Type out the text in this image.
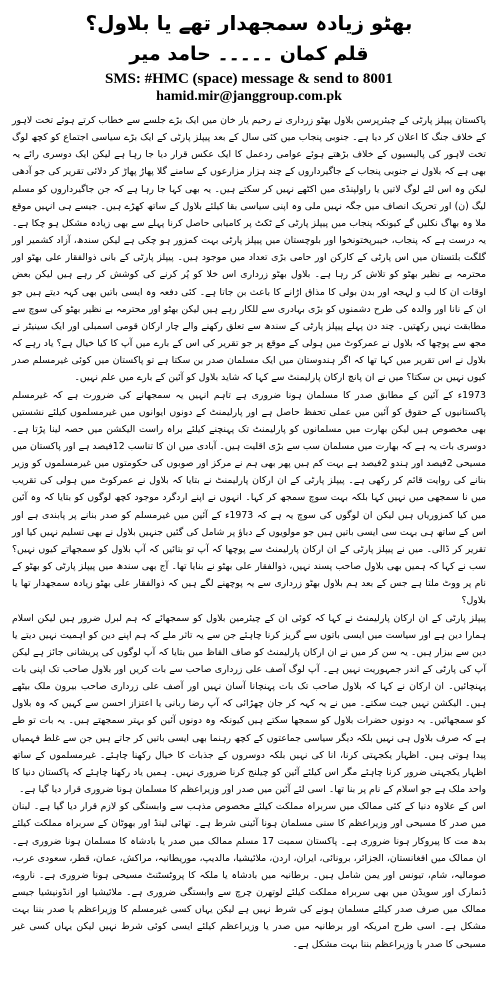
بھٹو زیادہ سمجھدار تھے یا بلاول؟
قلم کمان ۔۔۔۔۔ حامد میر
SMS: #HMC (space) message & send to 8001
hamid.mir@janggroup.com.pk

پاکستان پیپلز پارٹی کے چیئرپرسن بلاول بھٹو زرداری نے رحیم یار خان میں ایک بڑے جلسے سے خطاب کرتے ہوئے تخت لاہور کے خلاف جنگ کا اعلان کر دیا ہے۔ جنوبی پنجاب میں کئی سال کے بعد پیپلز پارٹی کے ایک بڑے سیاسی اجتماع کو کچھ لوگ تخت لاہور کی پالیسیوں کے خلاف بڑھتے ہوئے عوامی ردعمل کا ایک عکس قرار دیا جا رہا ہے لیکن ایک دوسری رائے یہ بھی ہے کہ بلاول نے جنوبی پنجاب کے جاگیرداروں کے چند ہزار مزارعوں کے سامنے گلا پھاڑ پھاڑ کر دلائی تقریر کی جو آدھی لیکن وہ اس لئے لوگ لاتیں یا راولپنڈی میں اکٹھے نہیں کر سکتے ہیں۔ یہ بھی کہا جا رہا ہے کہ جن جاگیرداروں کو مسلم لیگ (ن) اور تحریک انصاف میں جگہ نہیں ملی وہ اپنی سیاسی بقا کیلئے بلاول کے ساتھ کھڑے ہیں۔ جیسے ہی انہیں موقع ملا وہ بھاگ نکلیں گے کیونکہ پنجاب میں پیپلز پارٹی کے ٹکٹ پر کامیابی حاصل کرنا پہلے سے بھی زیادہ مشکل ہو چکا ہے۔ یہ درست ہے کہ پنجاب، خیبرپختونخوا اور بلوچستان میں پیپلز پارٹی بہت کمزور ہو چکی ہے لیکن سندھ، آزاد کشمیر اور گلگت بلتستان میں اس پارٹی کے کارکن اور حامی بڑی تعداد میں موجود ہیں۔ پیپلز پارٹی کے بانی ذوالفقار علی بھٹو اور محترمہ بے نظیر بھٹو کو تلاش کر رہا ہے۔ بلاول بھٹو زرداری اس خلا کو پُر کرنے کی کوشش کر رہے ہیں لیکن بعض اوقات ان کا لب و لہجہ اور بدن بولی کا مذاق اڑانے کا باعث بن جاتا ہے۔ کئی دفعہ وہ ایسی باتیں بھی کہہ دیتے ہیں جو ان کے نانا اور والدہ کی طرح دشمنوں کو بڑی بہادری سے للکار رہے ہیں لیکن بھٹو اور محترمہ بے نظیر بھٹو کی سوچ سے مطابقت نہیں رکھتیں۔ چند دن پہلے پیپلز پارٹی کے سندھ سے تعلق رکھنے والے چار ارکان قومی اسمبلی اور ایک سینیٹر نے مجھ سے پوچھا کہ بلاول نے عمرکوٹ میں ہولی کے موقع پر جو تقریر کی اس کے بارے میں آپ کا کیا خیال ہے؟ یاد رہے کہ بلاول نے اس تقریر میں کہا تھا کہ اگر ہندوستان میں ایک مسلمان صدر بن سکتا ہے تو پاکستان میں کوئی غیرمسلم صدر کیوں نہیں بن سکتا؟ میں نے ان پانچ ارکان پارلیمنٹ سے کہا کہ شاید بلاول کو آئین کے بارے میں علم نہیں۔

1973ء کے آئین کے مطابق صدر کا مسلمان ہونا ضروری ہے تاہم انہیں یہ سمجھانے کی ضرورت ہے کہ غیرمسلم پاکستانیوں کے حقوق کو آئین میں عملی تحفظ حاصل ہے اور پارلیمنٹ کے دونوں ایوانوں میں غیرمسلموں کیلئے نشستیں بھی مخصوص ہیں لیکن بھارت میں مسلمانوں کو پارلیمنٹ تک پہنچنے کیلئے براہ راست الیکشن میں حصہ لینا پڑتا ہے۔ دوسری بات یہ ہے کہ بھارت میں مسلمان سب سے بڑی اقلیت ہیں۔ آبادی میں ان کا تناسب 12فیصد ہے اور پاکستان میں مسیحی 2فیصد اور ہندو 2فیصد ہے بہت کم ہیں پھر بھی ہم نے مرکز اور صوبوں کی حکومتوں میں غیرمسلموں کو وزیر بنانے کی روایت قائم کر رکھی ہے۔ پیپلز پارٹی کے ان ارکان پارلیمنٹ نے بتایا کہ بلاول نے عمرکوٹ میں ہولی کی تقریب میں نا سمجھی میں نہیں کہا بلکہ بہت سوچ سمجھ کر کہا۔ انہوں نے اپنے اردگرد موجود کچھ لوگوں کو بتایا کہ وہ آئین میں کیا کمزوریاں ہیں لیکن ان لوگوں کی سوچ یہ ہے کہ 1973ء کے آئین میں غیرمسلم کو صدر بنانے پر پابندی ہے اور اس کے ساتھ ہی بہت سی ایسی باتیں ہیں جو مولویوں کے دباؤ پر شامل کی گئیں جنہیں بلاول نے بھی تسلیم نہیں کیا اور تقریر کر ڈالی۔ میں نے پیپلز پارٹی کے ان ارکان پارلیمنٹ سے پوچھا کہ آپ تو بتائیں کہ آپ بلاول کو سمجھاتے کیوں نہیں؟ سب نے کہا کہ ہمیں بھی بلاول صاحب پسند نہیں، ذوالفقار علی بھٹو نے بنایا تھا۔ آج بھی سندھ میں پیپلز پارٹی کو بھٹو کے نام پر ووٹ ملتا ہے جس کے بعد ہم بلاول بھٹو زرداری سے یہ پوچھنے لگے ہیں کہ ذوالفقار علی بھٹو زیادہ سمجھدار تھا یا بلاول؟

پیپلز پارٹی کے ان ارکان پارلیمنٹ نے کہا کہ کوئی ان کے چیئرمین بلاول کو سمجھائے کہ ہم لبرل ضرور ہیں لیکن اسلام ہمارا دین ہے اور سیاست میں ایسی باتوں سے گریز کرنا چاہئے جن سے یہ تاثر ملے کہ ہم اپنے دین کو اہمیت نہیں دیتے یا دین سے بیزار ہیں۔ یہ سن کر میں نے ان ارکان پارلیمنٹ کو صاف الفاظ میں بتایا کہ آپ لوگوں کی پریشانی جائز ہے لیکن آپ کی پارٹی کے اندر جمہوریت نہیں ہے۔ آپ لوگ آصف علی زرداری صاحب سے بات کریں اور بلاول صاحب تک اپنی بات پہنچائیں۔ ان ارکان نے کہا کہ بلاول صاحب تک بات پہنچانا آسان نہیں اور آصف علی زرداری صاحب بیرون ملک بیٹھے ہیں۔ الیکشن نہیں جیت سکتے۔ میں نے یہ کہہ کر جان چھڑائی کہ آپ رضا ربانی یا اعتزاز احسن سے کہیں کہ وہ بلاول کو سمجھائیں۔ یہ دونوں حضرات بلاول کو سمجھا سکتے ہیں کیونکہ وہ دونوں آئین کو بہتر سمجھتے ہیں۔ یہ بات تو طے ہے کہ صرف بلاول ہی نہیں بلکہ دیگر سیاسی جماعتوں کے کچھ رہنما بھی ایسی باتیں کر جاتے ہیں جن سے غلط فہمیاں پیدا ہوتی ہیں۔ اظہار یکجہتی کرنا، انا کی نہیں بلکہ دوسروں کے جذبات کا خیال رکھنا چاہئے۔ غیرمسلموں کے ساتھ اظہار یکجہتی ضرور کرنا چاہئے مگر اس کیلئے آئین کو چیلنج کرنا ضروری نہیں۔ ہمیں یاد رکھنا چاہئے کہ پاکستان دنیا کا واحد ملک ہے جو اسلام کے نام پر بنا تھا۔ اسی لئے آئین میں صدر اور وزیراعظم کا مسلمان ہونا ضروری قرار دیا گیا ہے۔

اس کے علاوہ دنیا کے کئی ممالک میں سربراہ مملکت کیلئے مخصوص مذہب سے وابستگی کو لازم قرار دیا گیا ہے۔ لبنان میں صدر کا مسیحی اور وزیراعظم کا سنی مسلمان ہونا آئینی شرط ہے۔ تھائی لینڈ اور بھوٹان کے سربراہ مملکت کیلئے بدھ مت کا پیروکار ہونا ضروری ہے۔ پاکستان سمیت 17 مسلم ممالک میں صدر یا بادشاہ کا مسلمان ہونا ضروری ہے۔ ان ممالک میں افغانستان، الجزائر، برونائی، ایران، اردن، ملائیشیا، مالدیپ، موریطانیہ، مراکش، عمان، قطر، سعودی عرب، صومالیہ، شام، تیونس اور یمن شامل ہیں۔ برطانیہ میں بادشاہ یا ملکہ کا پروٹسٹنٹ مسیحی ہونا ضروری ہے۔ ناروے، ڈنمارک اور سویڈن میں بھی سربراہ مملکت کیلئے لوتھرن چرچ سے وابستگی ضروری ہے۔ ملائیشیا اور انڈونیشیا جیسے ممالک میں صرف صدر کیلئے مسلمان ہونے کی شرط نہیں ہے لیکن یہاں کسی غیرمسلم کا وزیراعظم یا صدر بننا بہت مشکل ہے۔ اسی طرح امریکہ اور برطانیہ میں صدر یا وزیراعظم کیلئے ایسی کوئی شرط نہیں لیکن یہاں کسی غیر مسیحی کا صدر یا وزیراعظم بننا بہت مشکل ہے۔
